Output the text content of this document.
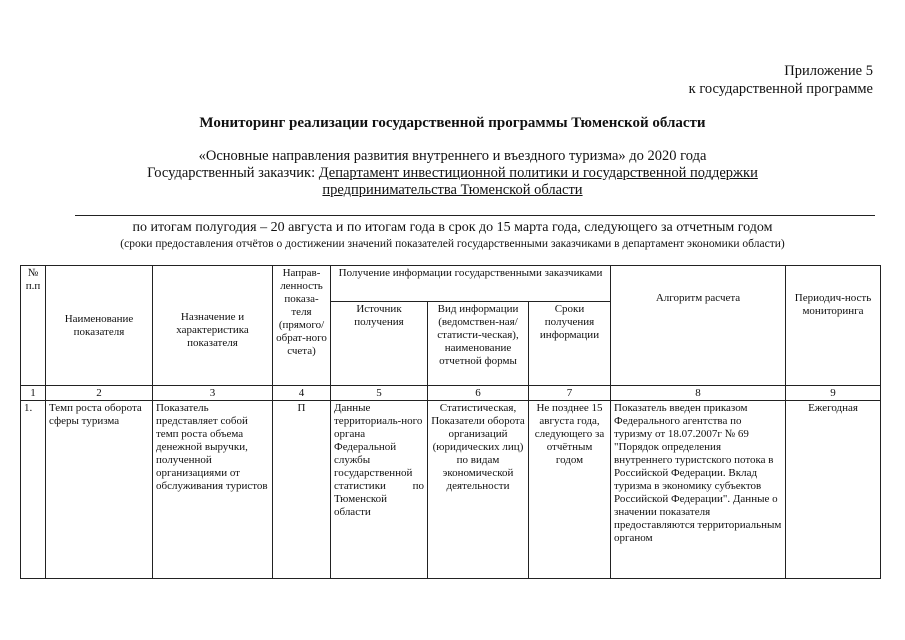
Приложение 5
к государственной программе
Мониторинг реализации государственной программы Тюменской области
«Основные направления развития внутреннего и въездного туризма» до 2020 года
Государственный заказчик: Департамент инвестиционной политики и государственной поддержки
предпринимательства Тюменской области
по итогам полугодия – 20 августа и по итогам года в срок до 15 марта года, следующего за отчетным годом
(сроки предоставления отчётов о достижении значений показателей государственными заказчиками в департамент экономики области)
№ п.п	Наименование показателя	Назначение и характеристика показателя	Направ-ленность показа-теля (прямого/ обрат-ного счета)	Получение информации государственными заказчиками			Алгоритм расчета	Периодич-ность мониторинга
				Источник получения	Вид информации (ведомствен-ная/статисти-ческая), наименование отчетной формы	Сроки получения информации		
1	2	3	4	5	6	7	8	9
1.	Темп роста оборота сферы туризма	Показатель представляет собой темп роста объема денежной выручки, полученной организациями от обслуживания туристов	П	Данные территориаль-ного органа Федеральной службы государственной статистики по Тюменской области	Статистическая, Показатели оборота организаций (юридических лиц) по видам экономической деятельности	Не позднее 15 августа года, следующего за отчётным годом	Показатель введен приказом Федерального агентства по туризму от 18.07.2007г № 69 "Порядок определения внутреннего туристского потока в Российской Федерации. Вклад туризма в экономику субъектов Российской Федерации". Данные о значении показателя предоставляются территориальным органом	Ежегодная
